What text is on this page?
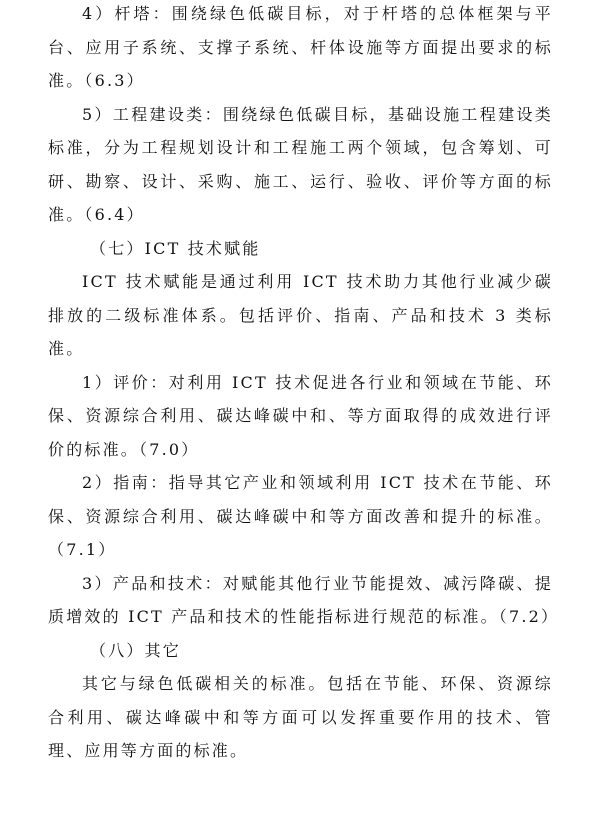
4）杆塔：围绕绿色低碳目标，对于杆塔的总体框架与平台、应用子系统、支撑子系统、杆体设施等方面提出要求的标准。（6.3）

5）工程建设类：围绕绿色低碳目标，基础设施工程建设类标准，分为工程规划设计和工程施工两个领域，包含筹划、可研、勘察、设计、采购、施工、运行、验收、评价等方面的标准。（6.4）

（七）ICT 技术赋能

ICT 技术赋能是通过利用 ICT 技术助力其他行业减少碳排放的二级标准体系。包括评价、指南、产品和技术 3 类标准。

1）评价：对利用 ICT 技术促进各行业和领域在节能、环保、资源综合利用、碳达峰碳中和、等方面取得的成效进行评价的标准。（7.0）

2）指南：指导其它产业和领域利用 ICT 技术在节能、环保、资源综合利用、碳达峰碳中和等方面改善和提升的标准。（7.1）

3）产品和技术：对赋能其他行业节能提效、减污降碳、提质增效的 ICT 产品和技术的性能指标进行规范的标准。（7.2）

（八）其它

其它与绿色低碳相关的标准。包括在节能、环保、资源综合利用、碳达峰碳中和等方面可以发挥重要作用的技术、管理、应用等方面的标准。
